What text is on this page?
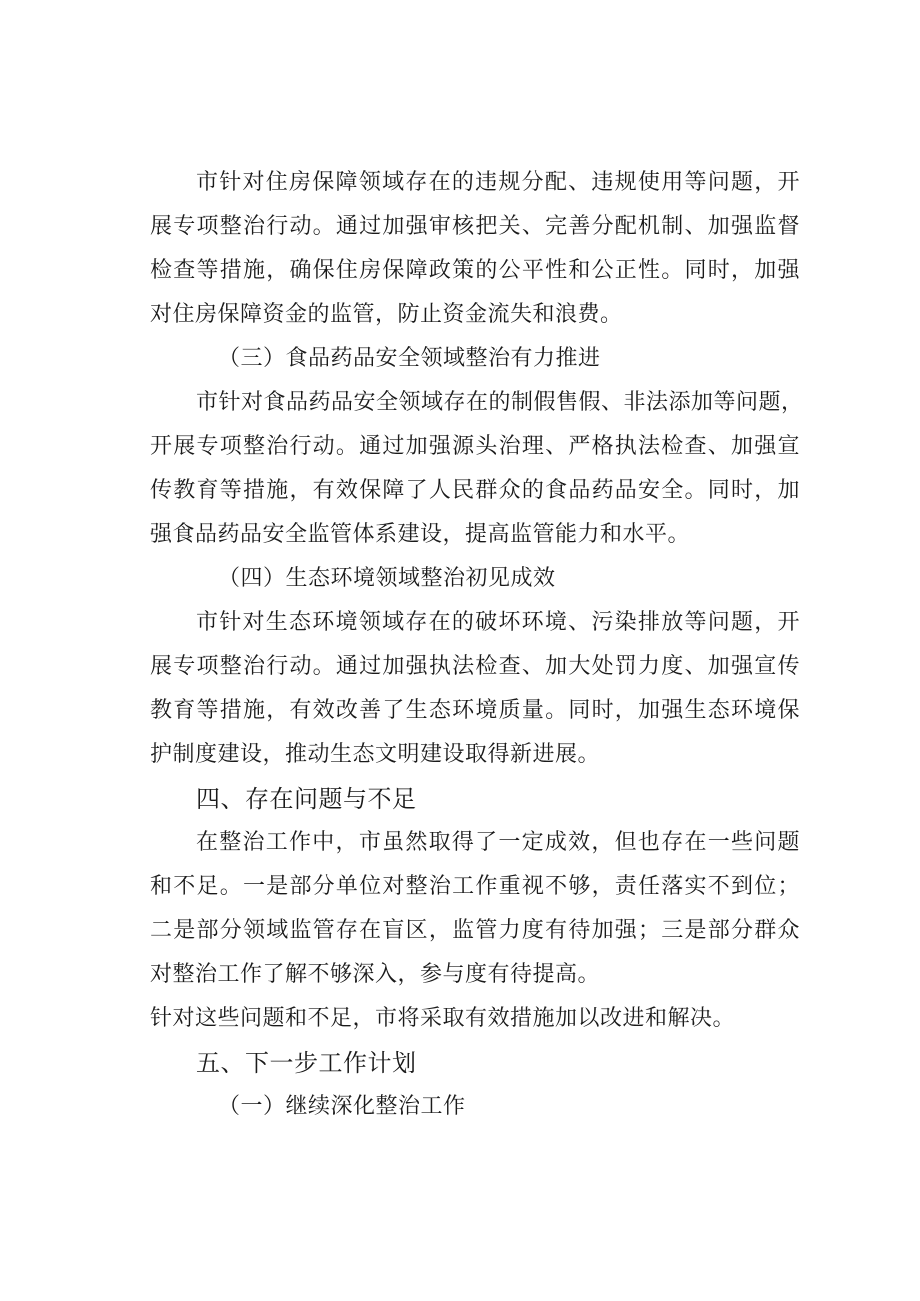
市针对住房保障领域存在的违规分配、违规使用等问题，开
展专项整治行动。通过加强审核把关、完善分配机制、加强监督
检查等措施，确保住房保障政策的公平性和公正性。同时，加强
对住房保障资金的监管，防止资金流失和浪费。
（三）食品药品安全领域整治有力推进
市针对食品药品安全领域存在的制假售假、非法添加等问题，
开展专项整治行动。通过加强源头治理、严格执法检查、加强宣
传教育等措施，有效保障了人民群众的食品药品安全。同时，加
强食品药品安全监管体系建设，提高监管能力和水平。
（四）生态环境领域整治初见成效
市针对生态环境领域存在的破坏环境、污染排放等问题，开
展专项整治行动。通过加强执法检查、加大处罚力度、加强宣传
教育等措施，有效改善了生态环境质量。同时，加强生态环境保
护制度建设，推动生态文明建设取得新进展。
四、存在问题与不足
在整治工作中，市虽然取得了一定成效，但也存在一些问题
和不足。一是部分单位对整治工作重视不够，责任落实不到位；
二是部分领域监管存在盲区，监管力度有待加强；三是部分群众
对整治工作了解不够深入，参与度有待提高。
针对这些问题和不足，市将采取有效措施加以改进和解决。
五、下一步工作计划
（一）继续深化整治工作
